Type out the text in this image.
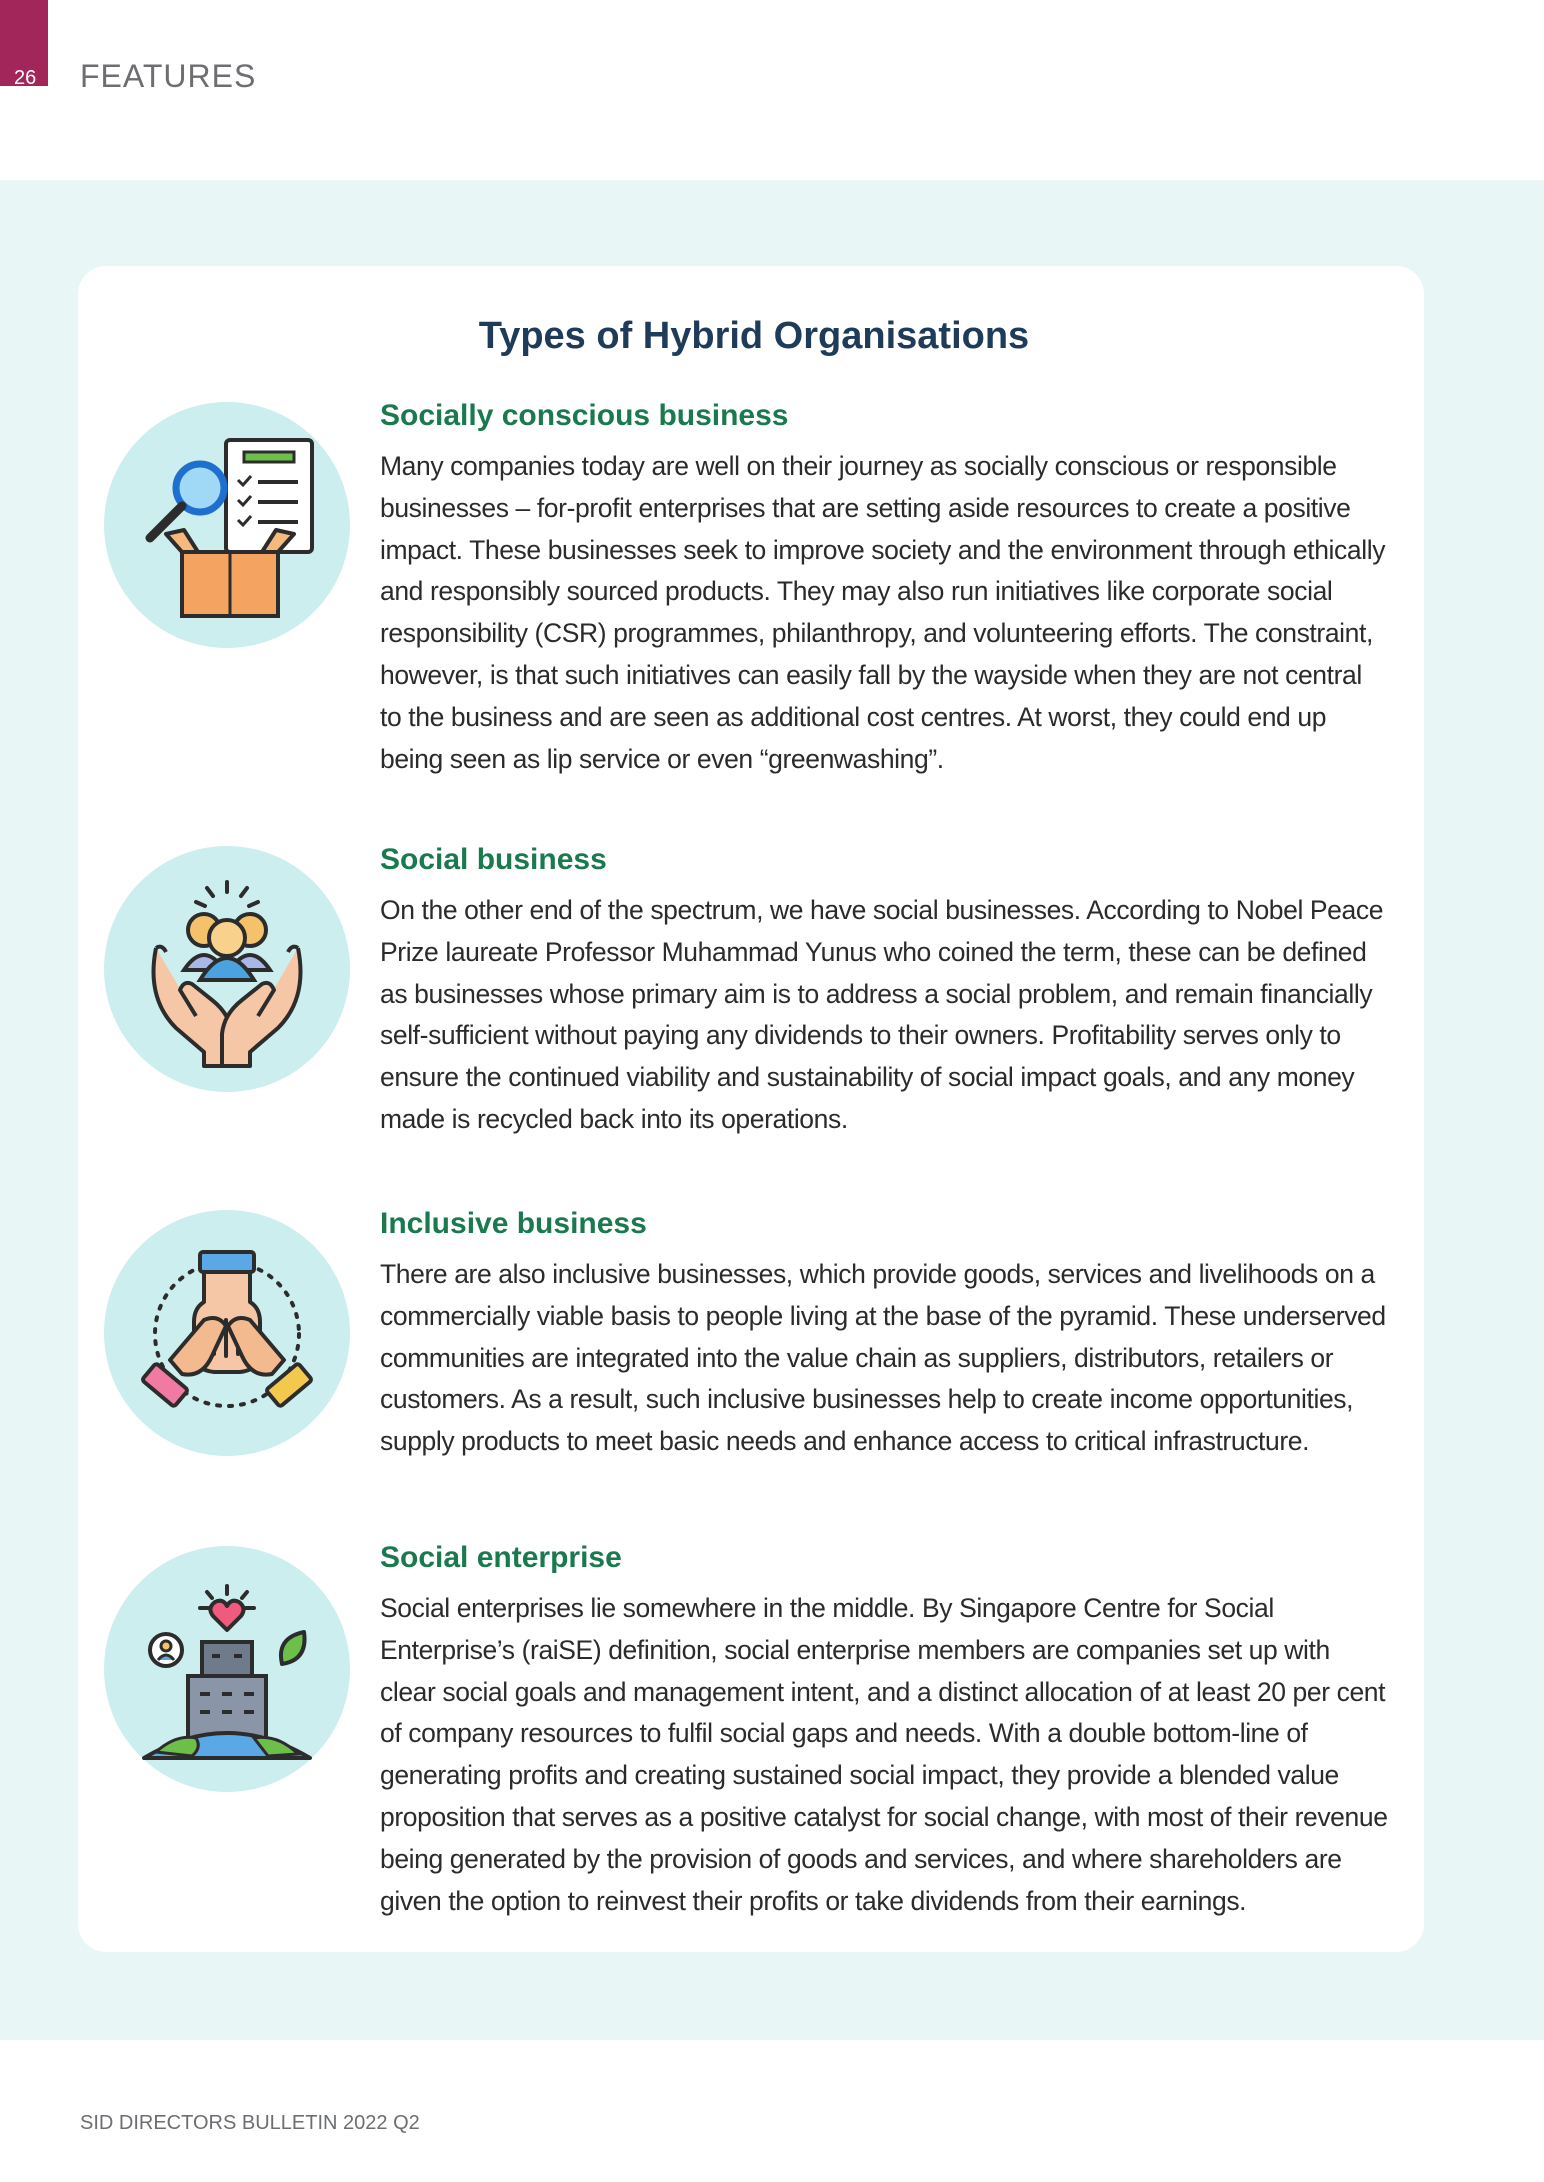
26 FEATURES
Types of Hybrid Organisations
Socially conscious business
Many companies today are well on their journey as socially conscious or responsible businesses – for-profit enterprises that are setting aside resources to create a positive impact. These businesses seek to improve society and the environment through ethically and responsibly sourced products. They may also run initiatives like corporate social responsibility (CSR) programmes, philanthropy, and volunteering efforts. The constraint, however, is that such initiatives can easily fall by the wayside when they are not central to the business and are seen as additional cost centres. At worst, they could end up being seen as lip service or even “greenwashing”.
Social business
On the other end of the spectrum, we have social businesses. According to Nobel Peace Prize laureate Professor Muhammad Yunus who coined the term, these can be defined as businesses whose primary aim is to address a social problem, and remain financially self-sufficient without paying any dividends to their owners. Profitability serves only to ensure the continued viability and sustainability of social impact goals, and any money made is recycled back into its operations.
Inclusive business
There are also inclusive businesses, which provide goods, services and livelihoods on a commercially viable basis to people living at the base of the pyramid. These underserved communities are integrated into the value chain as suppliers, distributors, retailers or customers. As a result, such inclusive businesses help to create income opportunities, supply products to meet basic needs and enhance access to critical infrastructure.
Social enterprise
Social enterprises lie somewhere in the middle. By Singapore Centre for Social Enterprise’s (raiSE) definition, social enterprise members are companies set up with clear social goals and management intent, and a distinct allocation of at least 20 per cent of company resources to fulfil social gaps and needs. With a double bottom-line of generating profits and creating sustained social impact, they provide a blended value proposition that serves as a positive catalyst for social change, with most of their revenue being generated by the provision of goods and services, and where shareholders are given the option to reinvest their profits or take dividends from their earnings.
SID DIRECTORS BULLETIN 2022 Q2
